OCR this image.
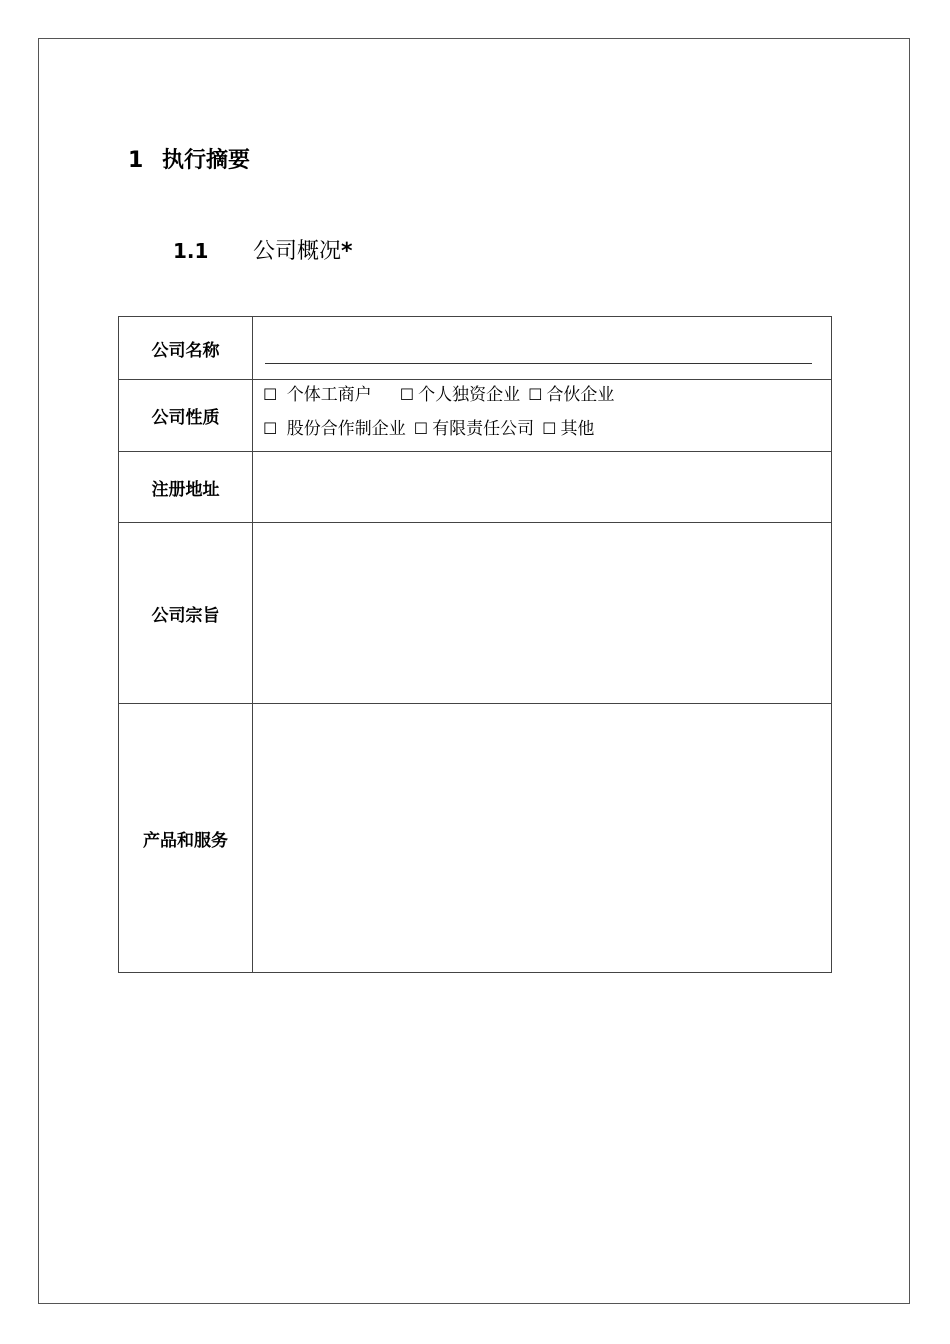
1 执行摘要
1.1 公司概况*
公司名称	

公司性质	☐ 个体工商户 ☐ 个人独资企业 ☐ 合伙企业
☐ 股份合作制企业 ☐ 有限责任公司 ☐ 其他

注册地址	
公司宗旨	
产品和服务	
